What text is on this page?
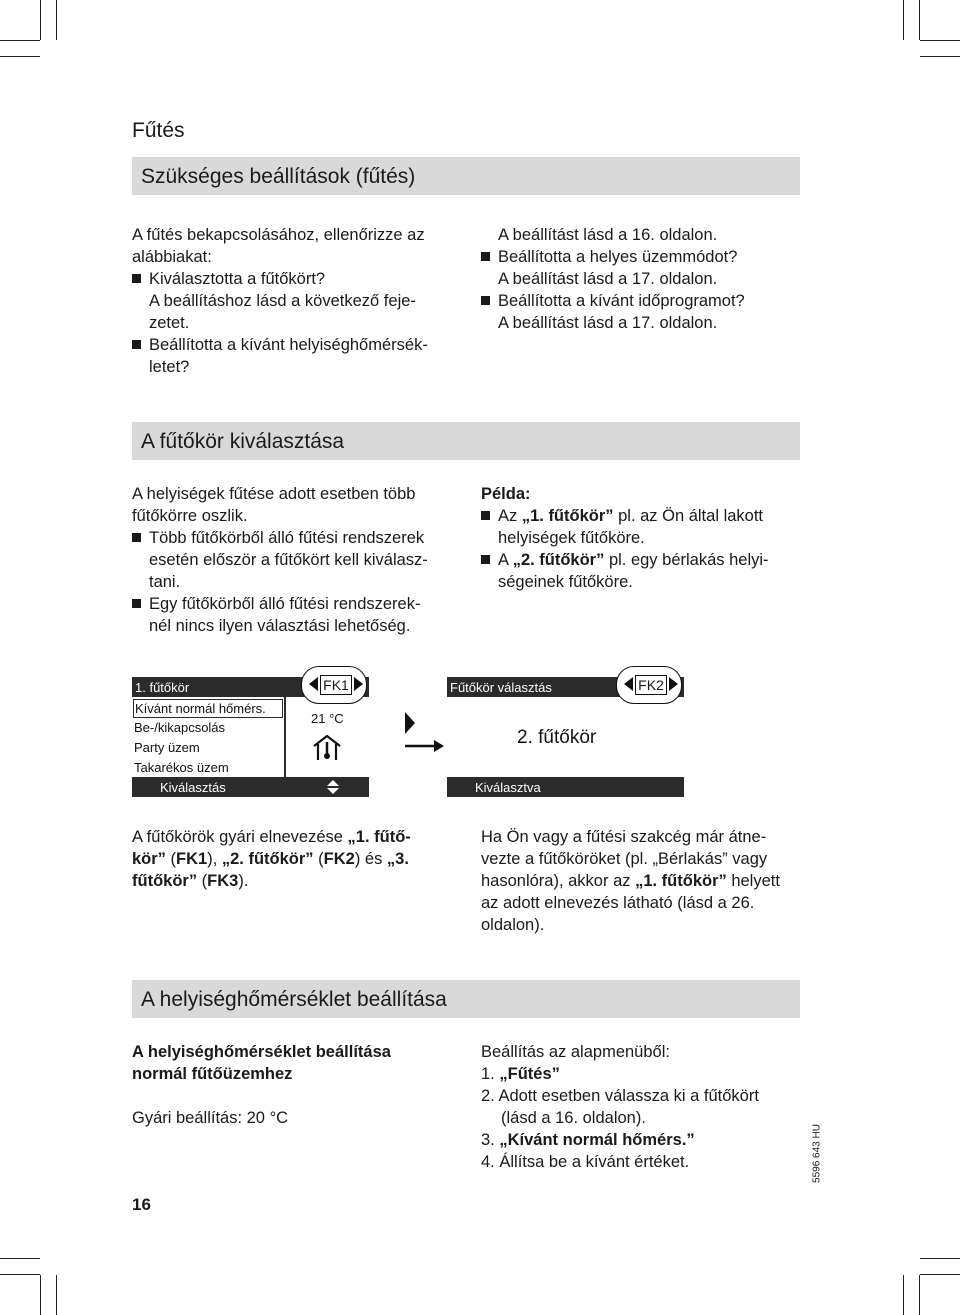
Fűtés
Szükséges beállítások (fűtés)
A fűtés bekapcsolásához, ellenőrizze az
alábbiakat:
Kiválasztotta a fűtőkört?
A beállításhoz lásd a következő feje-
zetet.
Beállította a kívánt helyiséghőmérsék-
letet?
A beállítást lásd a 16. oldalon.
Beállította a helyes üzemmódot?
A beállítást lásd a 17. oldalon.
Beállította a kívánt időprogramot?
A beállítást lásd a 17. oldalon.
A fűtőkör kiválasztása
A helyiségek fűtése adott esetben több
fűtőkörre oszlik.
Több fűtőkörből álló fűtési rendszerek
esetén először a fűtőkört kell kiválasz-
tani.
Egy fűtőkörből álló fűtési rendszerek-
nél nincs ilyen választási lehetőség.
Példa:
Az „1. fűtőkör” pl. az Ön által lakott
helyiségek fűtőköre.
A „2. fűtőkör” pl. egy bérlakás helyi-
ségeinek fűtőköre.
1. fűtőkör	FK1
Kívánt normál hőmérs.
Be-/kikapcsolás
Party üzem
Takarékos üzem
21 °C
Kiválasztás
Fűtőkör választás	FK2
2. fűtőkör
Kiválasztva
A fűtőkörök gyári elnevezése „1. fűtő-
kör” (FK1), „2. fűtőkör” (FK2) és „3.
fűtőkör” (FK3).
Ha Ön vagy a fűtési szakcég már átne-
vezte a fűtőköröket (pl. „Bérlakás” vagy
hasonlóra), akkor az „1. fűtőkör” helyett
az adott elnevezés látható (lásd a 26.
oldalon).
A helyiséghőmérséklet beállítása
A helyiséghőmérséklet beállítása
normál fűtőüzemhez
Gyári beállítás: 20 °C
Beállítás az alapmenüből:
1. „Fűtés”
2. Adott esetben válassza ki a fűtőkört
(lásd a 16. oldalon).
3. „Kívánt normál hőmérs.”
4. Állítsa be a kívánt értéket.
16
5596 643 HU
